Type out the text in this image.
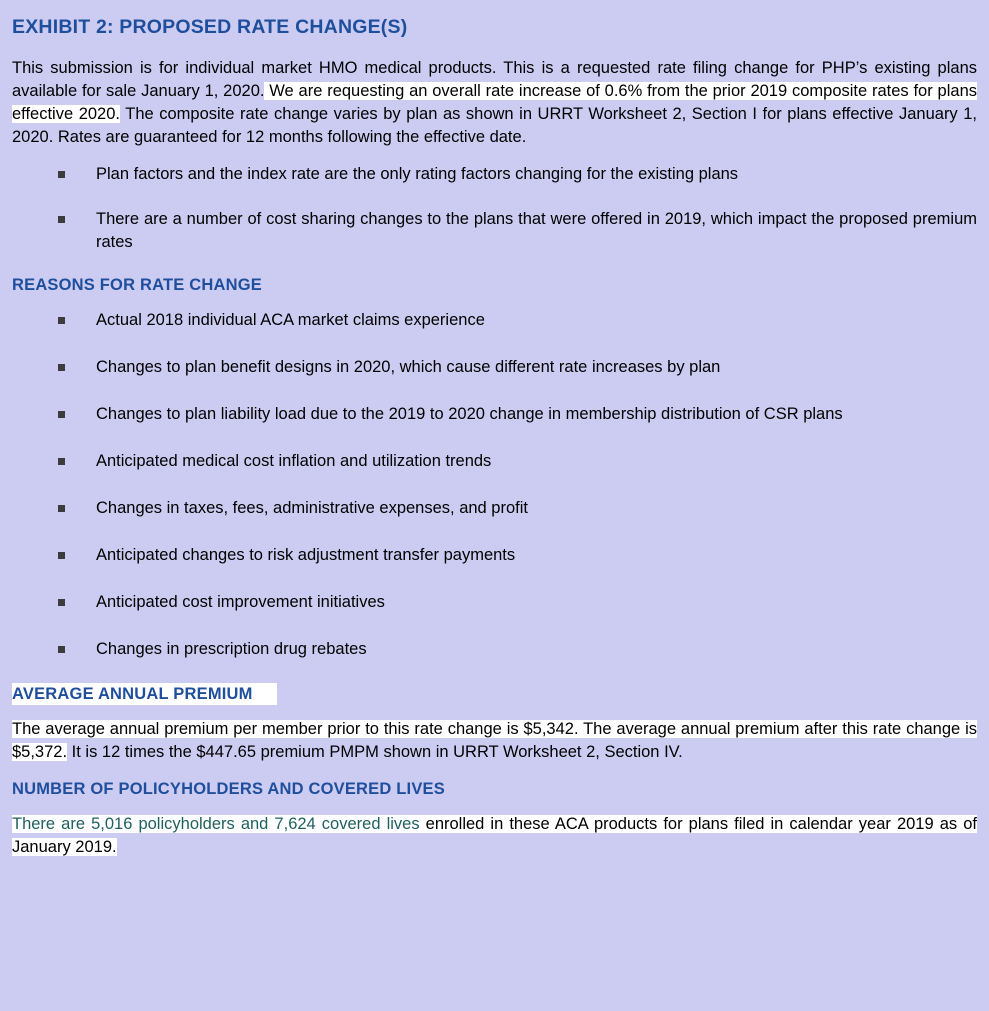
EXHIBIT 2: PROPOSED RATE CHANGE(S)

This submission is for individual market HMO medical products. This is a requested rate filing change for PHP’s existing plans available for sale January 1, 2020. We are requesting an overall rate increase of 0.6% from the prior 2019 composite rates for plans effective 2020. The composite rate change varies by plan as shown in URRT Worksheet 2, Section I for plans effective January 1, 2020. Rates are guaranteed for 12 months following the effective date.

Plan factors and the index rate are the only rating factors changing for the existing plans
There are a number of cost sharing changes to the plans that were offered in 2019, which impact the proposed premium rates
REASONS FOR RATE CHANGE
Actual 2018 individual ACA market claims experience
Changes to plan benefit designs in 2020, which cause different rate increases by plan
Changes to plan liability load due to the 2019 to 2020 change in membership distribution of CSR plans
Anticipated medical cost inflation and utilization trends
Changes in taxes, fees, administrative expenses, and profit
Anticipated changes to risk adjustment transfer payments
Anticipated cost improvement initiatives
Changes in prescription drug rebates
AVERAGE ANNUAL PREMIUM

The average annual premium per member prior to this rate change is $5,342. The average annual premium after this rate change is $5,372. It is 12 times the $447.65 premium PMPM shown in URRT Worksheet 2, Section IV.

NUMBER OF POLICYHOLDERS AND COVERED LIVES

There are 5,016 policyholders and 7,624 covered lives enrolled in these ACA products for plans filed in calendar year 2019 as of January 2019.
